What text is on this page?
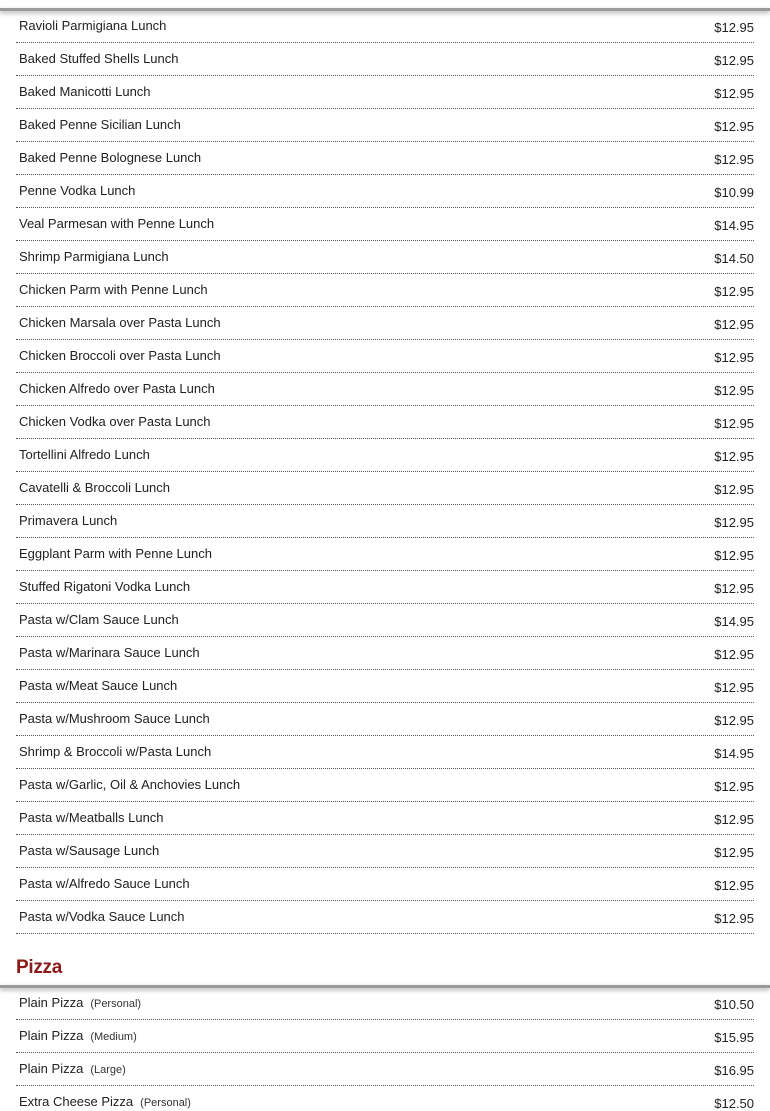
Ravioli Parmigiana Lunch	$12.95
Baked Stuffed Shells Lunch	$12.95
Baked Manicotti Lunch	$12.95
Baked Penne Sicilian Lunch	$12.95
Baked Penne Bolognese Lunch	$12.95
Penne Vodka Lunch	$10.99
Veal Parmesan with Penne Lunch	$14.95
Shrimp Parmigiana Lunch	$14.50
Chicken Parm with Penne Lunch	$12.95
Chicken Marsala over Pasta Lunch	$12.95
Chicken Broccoli over Pasta Lunch	$12.95
Chicken Alfredo over Pasta Lunch	$12.95
Chicken Vodka over Pasta Lunch	$12.95
Tortellini Alfredo Lunch	$12.95
Cavatelli & Broccoli Lunch	$12.95
Primavera Lunch	$12.95
Eggplant Parm with Penne Lunch	$12.95
Stuffed Rigatoni Vodka Lunch	$12.95
Pasta w/Clam Sauce Lunch	$14.95
Pasta w/Marinara Sauce Lunch	$12.95
Pasta w/Meat Sauce Lunch	$12.95
Pasta w/Mushroom Sauce Lunch	$12.95
Shrimp & Broccoli w/Pasta Lunch	$14.95
Pasta w/Garlic, Oil & Anchovies Lunch	$12.95
Pasta w/Meatballs Lunch	$12.95
Pasta w/Sausage Lunch	$12.95
Pasta w/Alfredo Sauce Lunch	$12.95
Pasta w/Vodka Sauce Lunch	$12.95
Pizza
Plain Pizza (Personal)	$10.50
Plain Pizza (Medium)	$15.95
Plain Pizza (Large)	$16.95
Extra Cheese Pizza (Personal)	$12.50
